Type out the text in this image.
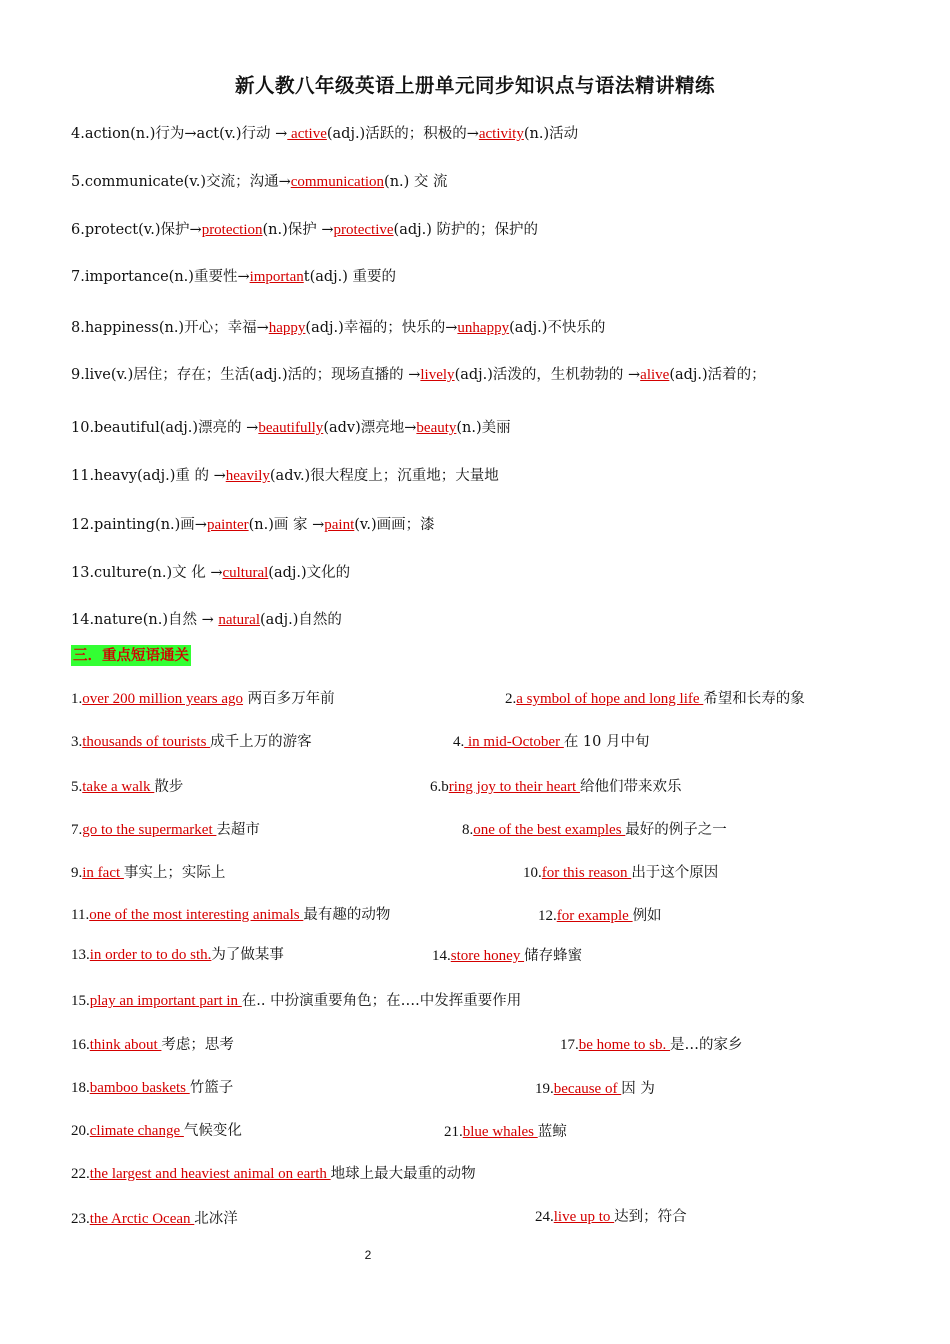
新人教八年级英语上册单元同步知识点与语法精讲精练
4.action(n.)行为→act(v.)行动 → active(adj.)活跃的；积极的→activity(n.)活动
5.communicate(v.)交流；沟通→communication(n.) 交 流
6.protect(v.)保护→protection(n.)保护 →protective(adj.) 防护的；保护的
7.importance(n.)重要性→important(adj.) 重要的
8.happiness(n.)开心；幸福→happy(adj.)幸福的；快乐的→unhappy(adj.)不快乐的
9.live(v.)居住；存在；生活(adj.)活的；现场直播的 →lively(adj.)活泼的，生机勃勃的 →alive(adj.)活着的；
10.beautiful(adj.)漂亮的 →beautifully(adv)漂亮地→beauty(n.)美丽
11.heavy(adj.)重 的 →heavily(adv.)很大程度上；沉重地；大量地
12.painting(n.)画→painter(n.)画 家 →paint(v.)画画；漆
13.culture(n.)文 化 →cultural(adj.)文化的
14.nature(n.)自然 → natural(adj.)自然的
三．重点短语通关
1.over 200 million years ago 两百多万年前	2.a symbol of hope and long life 希望和长寿的象
3.thousands of tourists 成千上万的游客	4. in mid-October 在 10 月中旬
5.take a walk 散步	6.bring joy to their heart 给他们带来欢乐
7.go to the supermarket 去超市	8.one of the best examples 最好的例子之一
9.in fact 事实上；实际上	10.for this reason 出于这个原因
11.one of the most interesting animals 最有趣的动物	12.for example 例如
13.in order to to do sth.为了做某事	14.store honey 储存蜂蜜
15.play an important part in 在.. 中扮演重要角色；在….中发挥重要作用
16.think about 考虑；思考	17.be home to sb. 是…的家乡
18.bamboo baskets 竹篮子	19.because of 因 为
20.climate change 气候变化	21.blue whales 蓝鲸
22.the largest and heaviest animal on earth 地球上最大最重的动物
23.the Arctic Ocean 北冰洋	24.live up to 达到；符合
2
